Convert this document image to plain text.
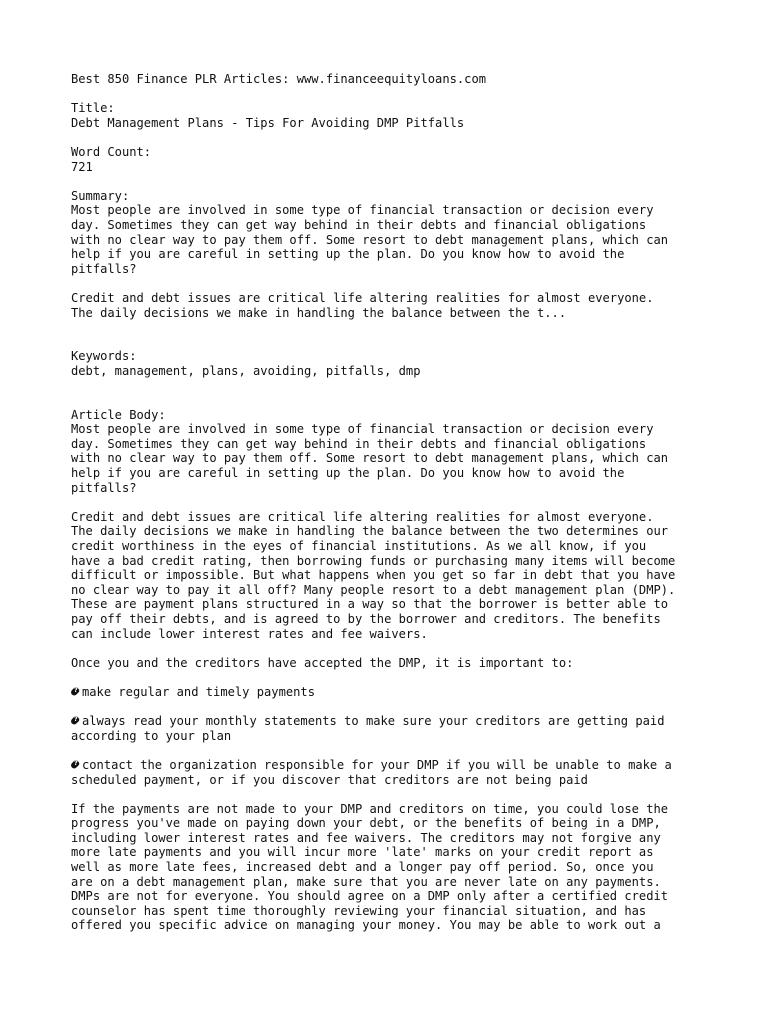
Best 850 Finance PLR Articles: www.financeequityloans.com
Title:
Debt Management Plans - Tips For Avoiding DMP Pitfalls
Word Count:
721
Summary:
Most people are involved in some type of financial transaction or decision every
day. Sometimes they can get way behind in their debts and financial obligations
with no clear way to pay them off. Some resort to debt management plans, which can
help if you are careful in setting up the plan. Do you know how to avoid the
pitfalls?
Credit and debt issues are critical life altering realities for almost everyone.
The daily decisions we make in handling the balance between the t...
Keywords:
debt, management, plans, avoiding, pitfalls, dmp
Article Body:
Most people are involved in some type of financial transaction or decision every
day. Sometimes they can get way behind in their debts and financial obligations
with no clear way to pay them off. Some resort to debt management plans, which can
help if you are careful in setting up the plan. Do you know how to avoid the
pitfalls?
Credit and debt issues are critical life altering realities for almost everyone.
The daily decisions we make in handling the balance between the two determines our
credit worthiness in the eyes of financial institutions. As we all know, if you
have a bad credit rating, then borrowing funds or purchasing many items will become
difficult or impossible. But what happens when you get so far in debt that you have
no clear way to pay it all off? Many people resort to a debt management plan (DMP).
These are payment plans structured in a way so that the borrower is better able to
pay off their debts, and is agreed to by the borrower and creditors. The benefits
can include lower interest rates and fee waivers.
Once you and the creditors have accepted the DMP, it is important to:
?make regular and timely payments
?always read your monthly statements to make sure your creditors are getting paid
according to your plan
?contact the organization responsible for your DMP if you will be unable to make a
scheduled payment, or if you discover that creditors are not being paid
If the payments are not made to your DMP and creditors on time, you could lose the
progress you've made on paying down your debt, or the benefits of being in a DMP,
including lower interest rates and fee waivers. The creditors may not forgive any
more late payments and you will incur more 'late' marks on your credit report as
well as more late fees, increased debt and a longer pay off period. So, once you
are on a debt management plan, make sure that you are never late on any payments.
DMPs are not for everyone. You should agree on a DMP only after a certified credit
counselor has spent time thoroughly reviewing your financial situation, and has
offered you specific advice on managing your money. You may be able to work out a
